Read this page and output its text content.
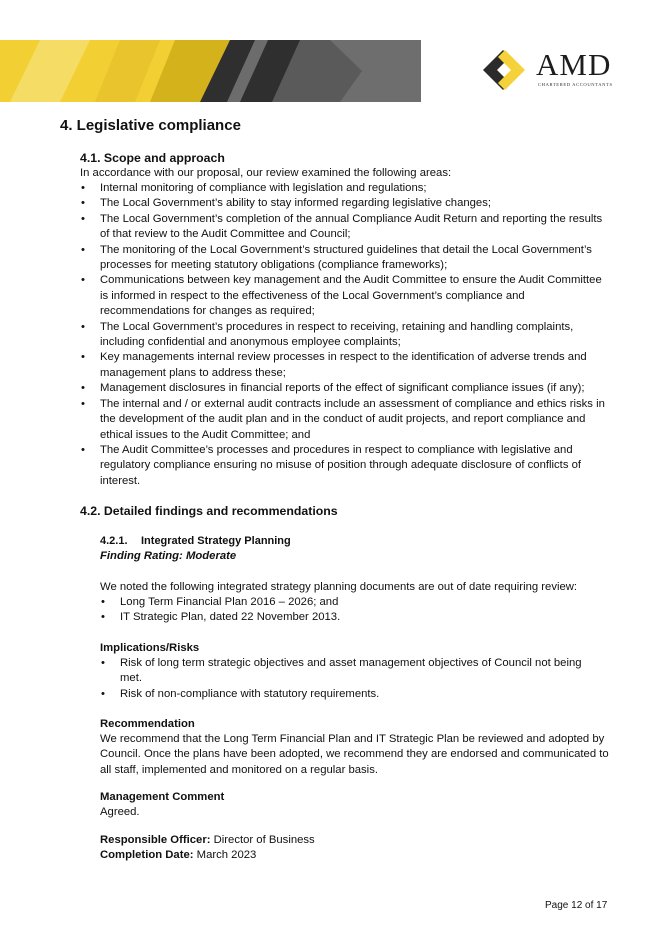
AMD
CHARTERED ACCOUNTANTS
4. Legislative compliance
4.1. Scope and approach

In accordance with our proposal, our review examined the following areas:

• Internal monitoring of compliance with legislation and regulations;
• The Local Government’s ability to stay informed regarding legislative changes;
• The Local Government’s completion of the annual Compliance Audit Return and reporting the results of that review to the Audit Committee and Council;
• The monitoring of the Local Government’s structured guidelines that detail the Local Government’s processes for meeting statutory obligations (compliance frameworks);
• Communications between key management and the Audit Committee to ensure the Audit Committee is informed in respect to the effectiveness of the Local Government’s compliance and recommendations for changes as required;
• The Local Government’s procedures in respect to receiving, retaining and handling complaints, including confidential and anonymous employee complaints;
• Key managements internal review processes in respect to the identification of adverse trends and management plans to address these;
• Management disclosures in financial reports of the effect of significant compliance issues (if any);
• The internal and / or external audit contracts include an assessment of compliance and ethics risks in the development of the audit plan and in the conduct of audit projects, and report compliance and ethical issues to the Audit Committee; and
• The Audit Committee’s processes and procedures in respect to compliance with legislative and regulatory compliance ensuring no misuse of position through adequate disclosure of conflicts of interest.
4.2. Detailed findings and recommendations

4.2.1. Integrated Strategy Planning

Finding Rating: Moderate

We noted the following integrated strategy planning documents are out of date requiring review:

• Long Term Financial Plan 2016 – 2026; and
• IT Strategic Plan, dated 22 November 2013.

Implications/Risks

• Risk of long term strategic objectives and asset management objectives of Council not being met.
• Risk of non-compliance with statutory requirements.

Recommendation

We recommend that the Long Term Financial Plan and IT Strategic Plan be reviewed and adopted by Council. Once the plans have been adopted, we recommend they are endorsed and communicated to all staff, implemented and monitored on a regular basis.

Management Comment

Agreed.

Responsible Officer: Director of Business

Completion Date: March 2023

Page 12 of 17
